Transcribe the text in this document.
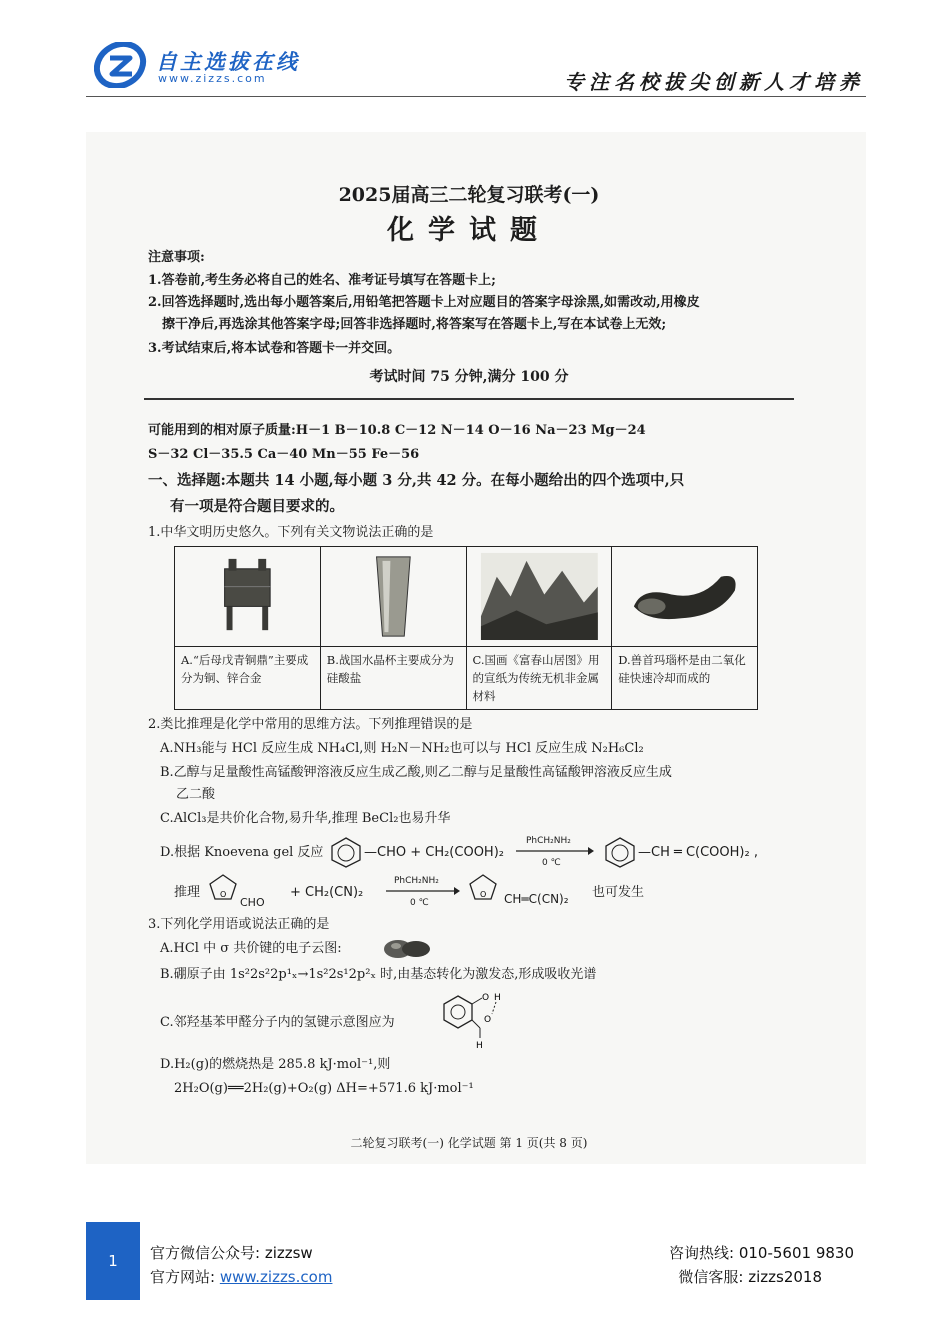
自主选拔在线
www.zizzs.com	专注名校拔尖创新人才培养
2025届高三二轮复习联考(一)
化学试题
注意事项:
1.答卷前,考生务必将自己的姓名、准考证号填写在答题卡上;
2.回答选择题时,选出每小题答案后,用铅笔把答题卡上对应题目的答案字母涂黑,如需改动,用橡皮
擦干净后,再选涂其他答案字母;回答非选择题时,将答案写在答题卡上,写在本试卷上无效;
3.考试结束后,将本试卷和答题卡一并交回。
考试时间 75 分钟,满分 100 分
可能用到的相对原子质量:H－1 B－10.8 C－12 N－14 O－16 Na－23 Mg－24
S－32 Cl－35.5 Ca－40 Mn－55 Fe－56
一、选择题:本题共 14 小题,每小题 3 分,共 42 分。在每小题给出的四个选项中,只
有一项是符合题目要求的。
1.中华文明历史悠久。下列有关文物说法正确的是
A.“后母戊青铜鼎”主要成分为铜、锌合金
B.战国水晶杯主要成分为硅酸盐
C.国画《富春山居图》用的宣纸为传统无机非金属材料
D.兽首玛瑙杯是由二氧化硅快速冷却而成的
2.类比推理是化学中常用的思维方法。下列推理错误的是
A.NH₃能与 HCl 反应生成 NH₄Cl,则 H₂N－NH₂也可以与 HCl 反应生成 N₂H₆Cl₂
B.乙醇与足量酸性高锰酸钾溶液反应生成乙酸,则乙二醇与足量酸性高锰酸钾溶液反应生成
乙二酸
C.AlCl₃是共价化合物,易升华,推理 BeCl₂也易升华
D.根据 Knoevena gel 反应	—CHO + CH₂(COOH)₂
PhCH₂NH₂
0 ℃
—CH ═ C(COOH)₂ ,
推理 O
CHO
+ CH₂(CN)₂
PhCH₂NH₂
0 ℃
O CH═C(CN)₂ 也可发生
3.下列化学用语或说法正确的是
A.HCl 中 σ 共价键的电子云图:
B.硼原子由 1s²2s²2p¹ₓ→1s²2s¹2p²ₓ 时,由基态转化为激发态,形成吸收光谱
C.邻羟基苯甲醛分子内的氢键示意图应为
O H
O
H
D.H₂(g)的燃烧热是 285.8 kJ·mol⁻¹,则
2H₂O(g)══2H₂(g)+O₂(g) ΔH=+571.6 kJ·mol⁻¹
二轮复习联考(一) 化学试题 第 1 页(共 8 页)
1	官方微信公众号: zizzsw
官方网站: www.zizzs.com
咨询热线: 010-5601 9830
微信客服: zizzs2018
